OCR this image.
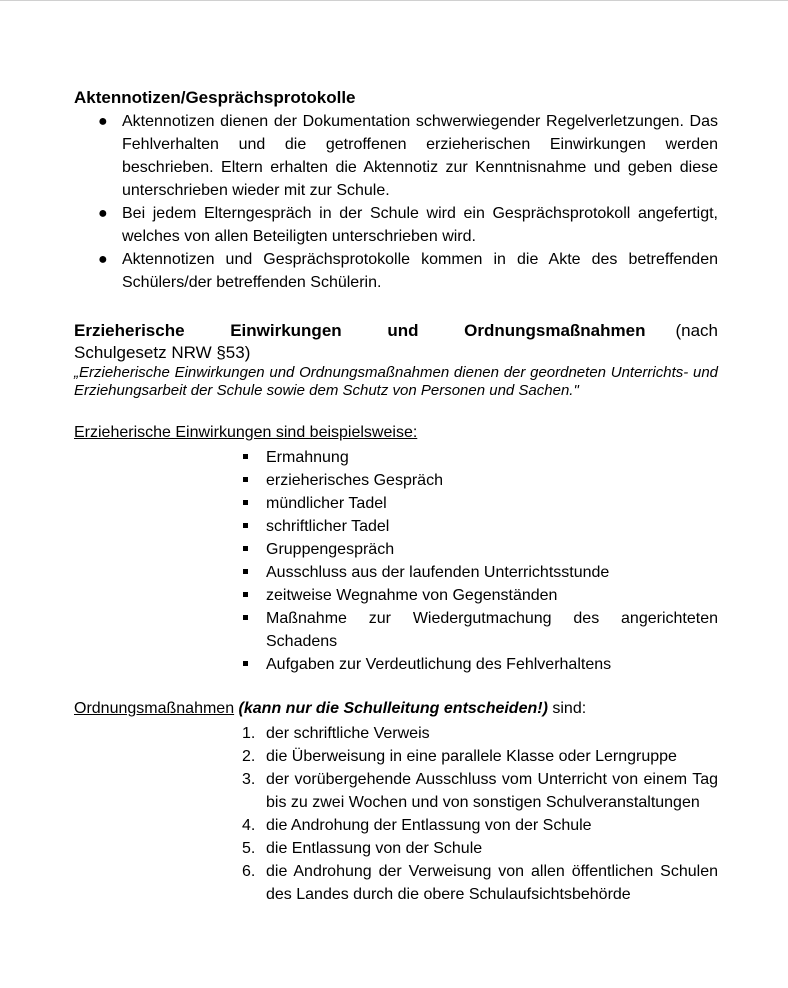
Aktennotizen/Gesprächsprotokolle
● Aktennotizen dienen der Dokumentation schwerwiegender Regelverletzungen. Das Fehlverhalten und die getroffenen erzieherischen Einwirkungen werden beschrieben. Eltern erhalten die Aktennotiz zur Kenntnisnahme und geben diese unterschrieben wieder mit zur Schule.
● Bei jedem Elterngespräch in der Schule wird ein Gesprächsprotokoll angefertigt, welches von allen Beteiligten unterschrieben wird.
● Aktennotizen und Gesprächsprotokolle kommen in die Akte des betreffenden Schülers/der betreffenden Schülerin.
Erzieherische	Einwirkungen	und	Ordnungsmaßnahmen (nach
Schulgesetz NRW §53)

„Erzieherische Einwirkungen und Ordnungsmaßnahmen dienen der geordneten Unterrichts- und Erziehungsarbeit der Schule sowie dem Schutz von Personen und Sachen."

Erzieherische Einwirkungen sind beispielsweise:
Ermahnung
erzieherisches Gespräch
mündlicher Tadel
schriftlicher Tadel
Gruppengespräch
Ausschluss aus der laufenden Unterrichtsstunde
zeitweise Wegnahme von Gegenständen
Maßnahme zur Wiedergutmachung des angerichteten Schadens
Aufgaben zur Verdeutlichung des Fehlverhaltens
Ordnungsmaßnahmen (kann nur die Schulleitung entscheiden!) sind:
1. der schriftliche Verweis
2. die Überweisung in eine parallele Klasse oder Lerngruppe
3. der vorübergehende Ausschluss vom Unterricht von einem Tag bis zu zwei Wochen und von sonstigen Schulveranstaltungen
4. die Androhung der Entlassung von der Schule
5. die Entlassung von der Schule
6. die Androhung der Verweisung von allen öffentlichen Schulen des Landes durch die obere Schulaufsichtsbehörde
